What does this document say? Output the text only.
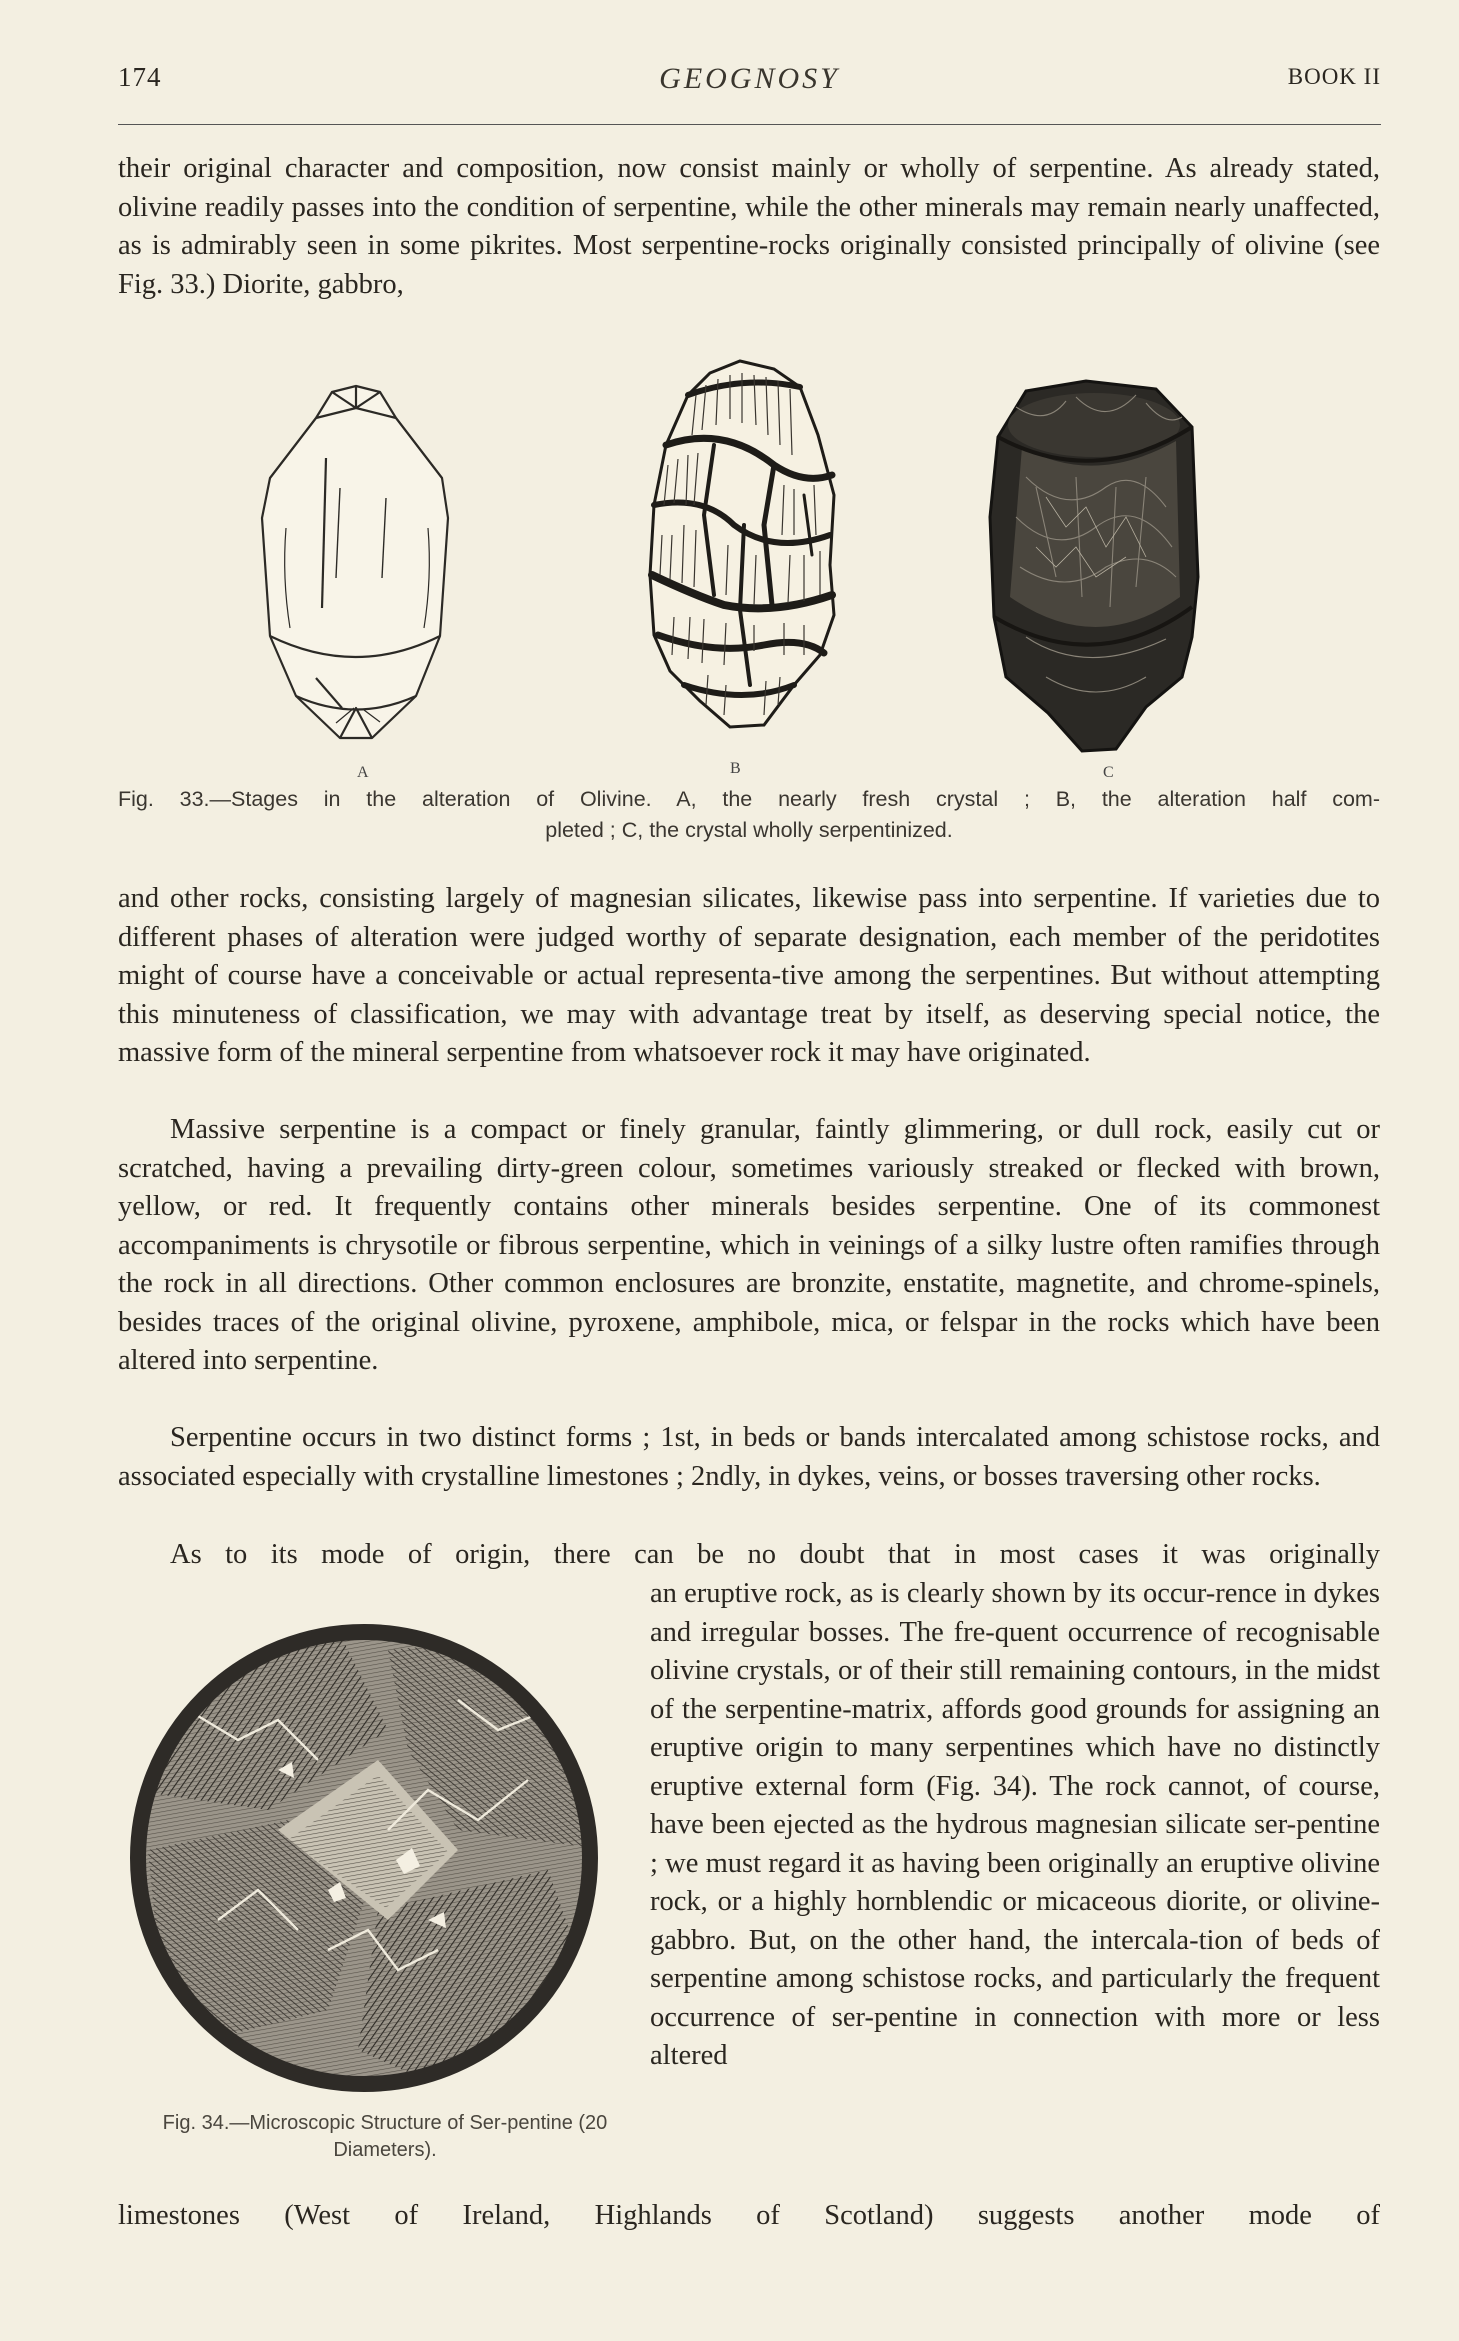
174	GEOGNOSY	BOOK II

their original character and composition, now consist mainly or wholly of serpentine. As already stated, olivine readily passes into the condition of serpentine, while the other minerals may remain nearly unaffected, as is admirably seen in some pikrites. Most serpentine-rocks originally consisted principally of olivine (see Fig. 33.) Diorite, gabbro,

A	B	C
Fig. 33.—Stages in the alteration of Olivine. A, the nearly fresh crystal ; B, the alteration half com-
pleted ; C, the crystal wholly serpentinized.

and other rocks, consisting largely of magnesian silicates, likewise pass into serpentine. If varieties due to different phases of alteration were judged worthy of separate designation, each member of the peridotites might of course have a conceivable or actual representa-tive among the serpentines. But without attempting this minuteness of classification, we may with advantage treat by itself, as deserving special notice, the massive form of the mineral serpentine from whatsoever rock it may have originated.

Massive serpentine is a compact or finely granular, faintly glimmering, or dull rock, easily cut or scratched, having a prevailing dirty-green colour, sometimes variously streaked or flecked with brown, yellow, or red. It frequently contains other minerals besides serpentine. One of its commonest accompaniments is chrysotile or fibrous serpentine, which in veinings of a silky lustre often ramifies through the rock in all directions. Other common enclosures are bronzite, enstatite, magnetite, and chrome-spinels, besides traces of the original olivine, pyroxene, amphibole, mica, or felspar in the rocks which have been altered into serpentine.

Serpentine occurs in two distinct forms ; 1st, in beds or bands intercalated among schistose rocks, and associated especially with crystalline limestones ; 2ndly, in dykes, veins, or bosses traversing other rocks.

As to its mode of origin, there can be no doubt that in most cases it was originally

Fig. 34.—Microscopic Structure of Ser-pentine (20 Diameters).

an eruptive rock, as is clearly shown by its occur-rence in dykes and irregular bosses. The fre-quent occurrence of recognisable olivine crystals, or of their still remaining contours, in the midst of the serpentine-matrix, affords good grounds for assigning an eruptive origin to many serpentines which have no distinctly eruptive external form (Fig. 34). The rock cannot, of course, have been ejected as the hydrous magnesian silicate ser-pentine ; we must regard it as having been originally an eruptive olivine rock, or a highly hornblendic or micaceous diorite, or olivine-gabbro. But, on the other hand, the intercala-tion of beds of serpentine among schistose rocks, and particularly the frequent occurrence of ser-pentine in connection with more or less altered

limestones (West of Ireland, Highlands of Scotland) suggests another mode of
